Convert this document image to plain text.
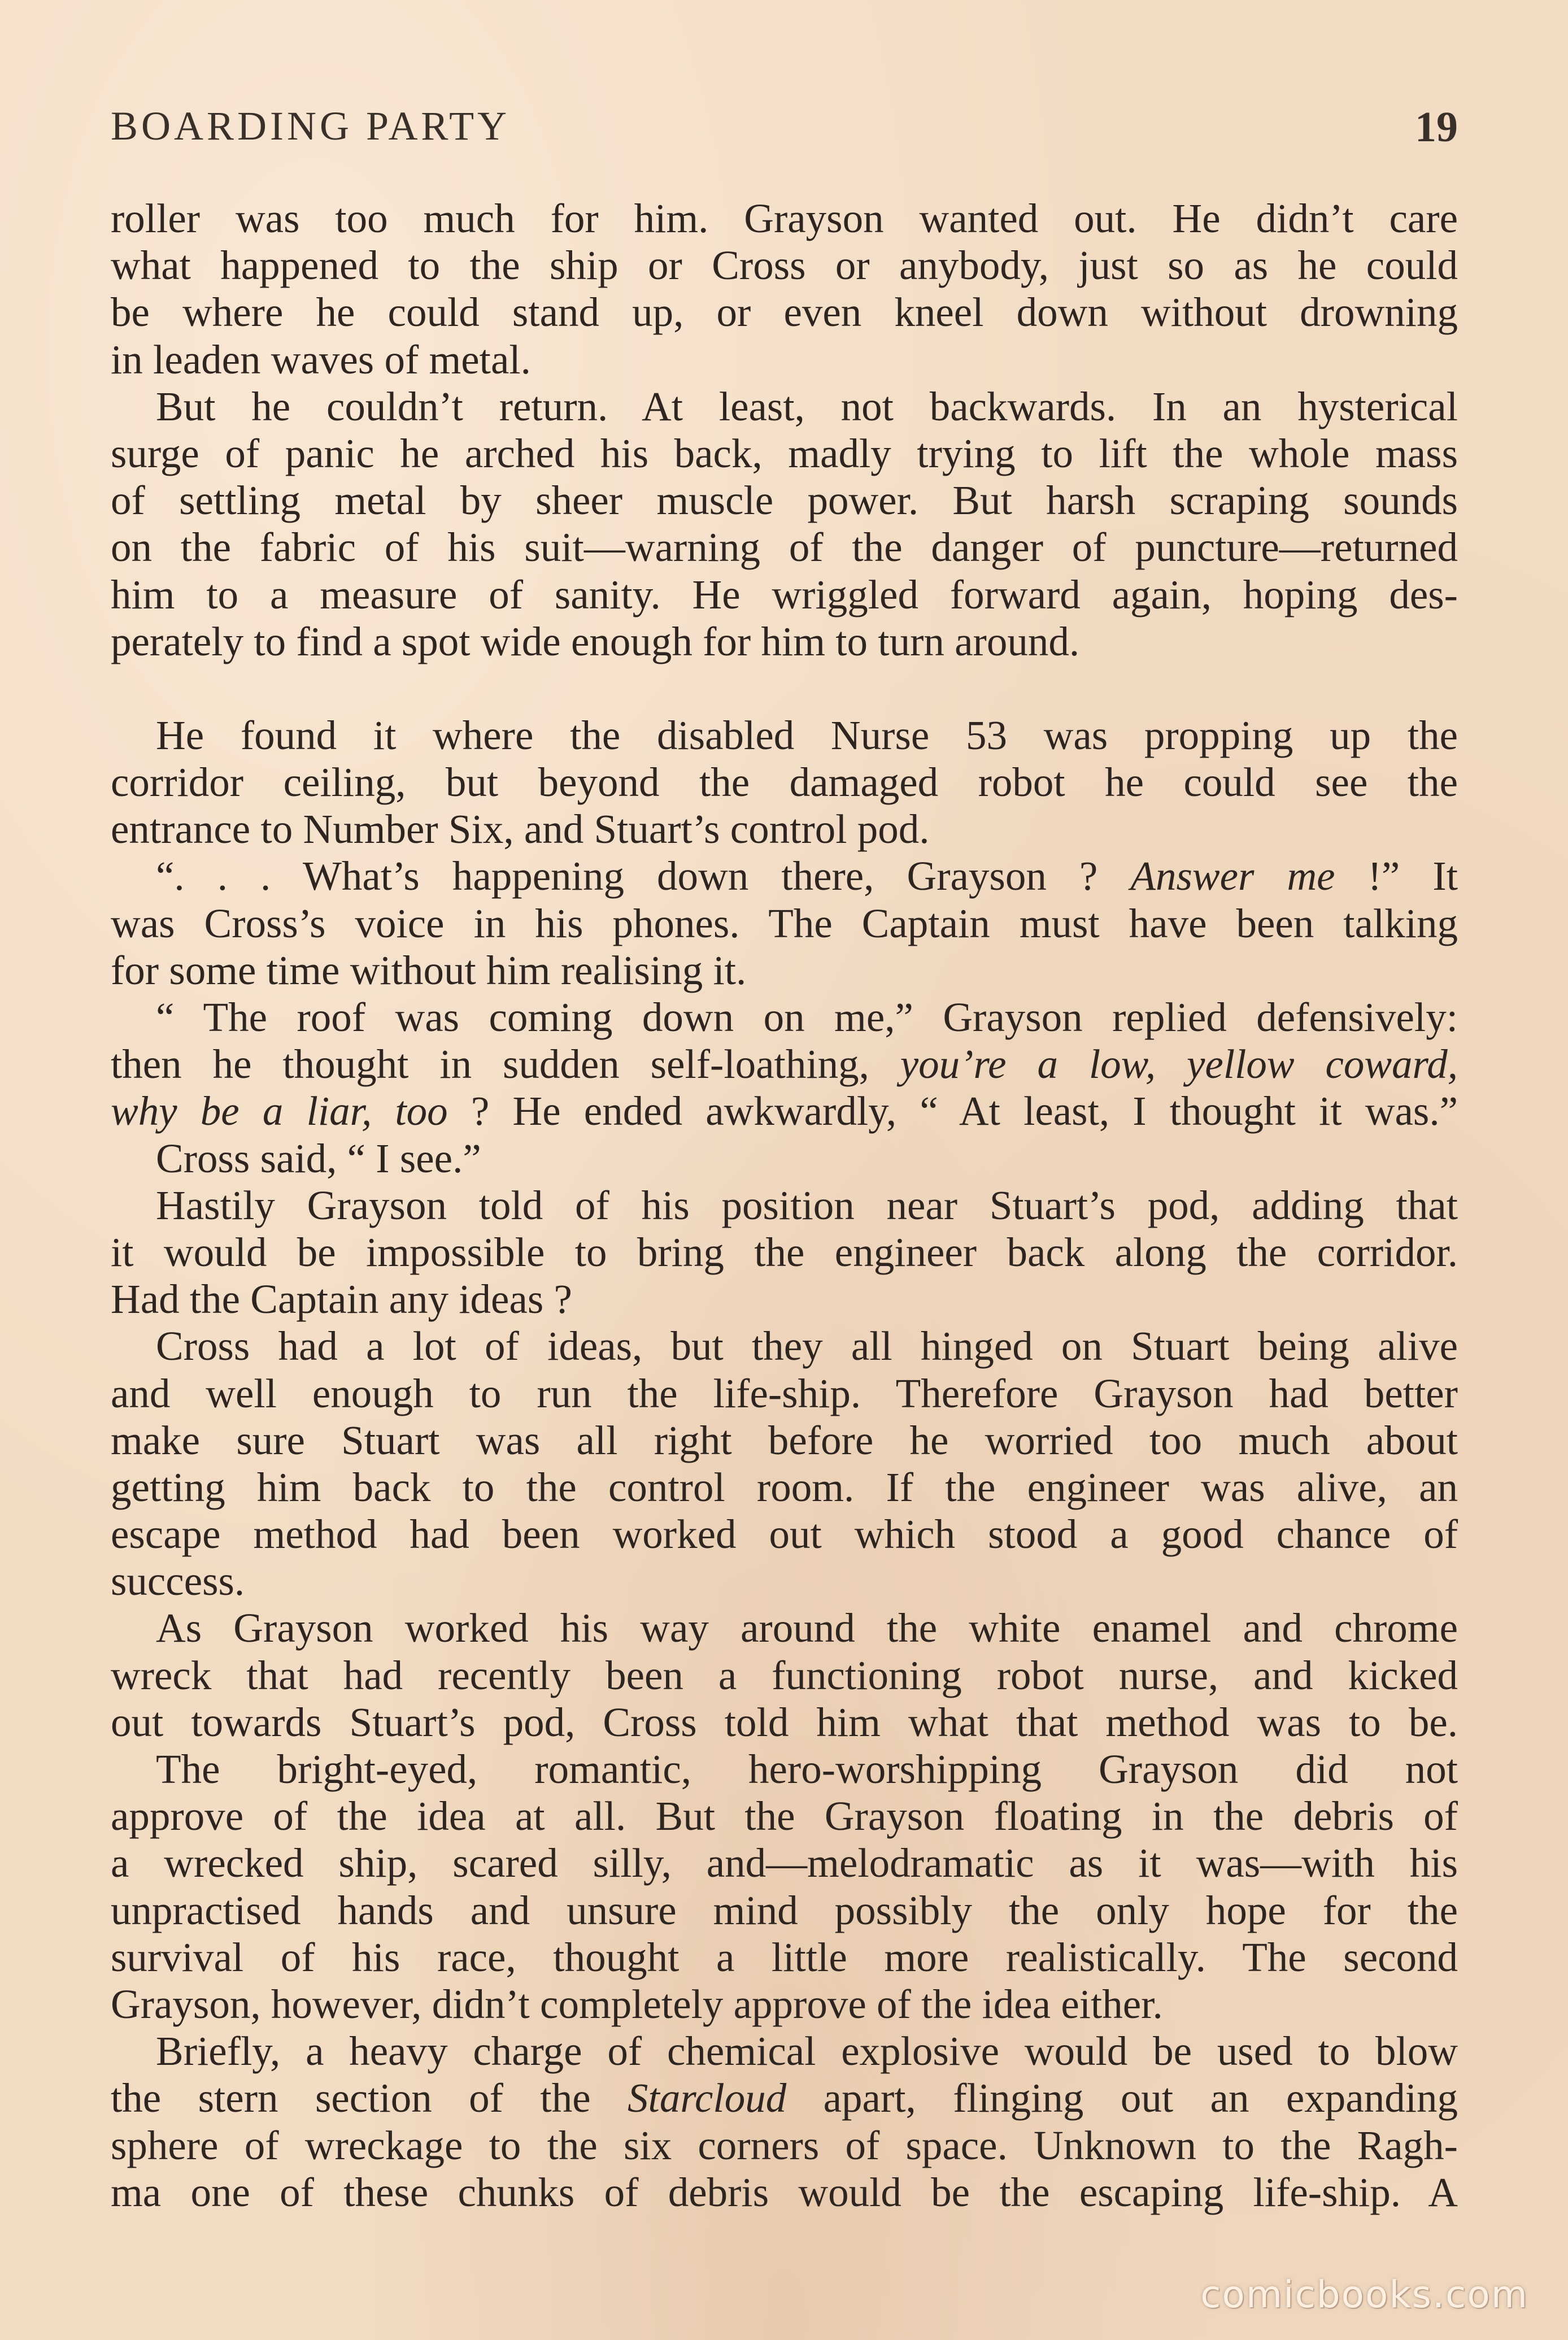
BOARDING PARTY	19
roller was too much for him. Grayson wanted out. He didn’t care
what happened to the ship or Cross or anybody, just so as he could
be where he could stand up, or even kneel down without drowning
in leaden waves of metal.
But he couldn’t return. At least, not backwards. In an hysterical
surge of panic he arched his back, madly trying to lift the whole mass
of settling metal by sheer muscle power. But harsh scraping sounds
on the fabric of his suit—warning of the danger of puncture—returned
him to a measure of sanity. He wriggled forward again, hoping des-
perately to find a spot wide enough for him to turn around.
He found it where the disabled Nurse 53 was propping up the
corridor ceiling, but beyond the damaged robot he could see the
entrance to Number Six, and Stuart’s control pod.
“. . . What’s happening down there, Grayson ? Answer me !” It
was Cross’s voice in his phones. The Captain must have been talking
for some time without him realising it.
“ The roof was coming down on me,” Grayson replied defensively:
then he thought in sudden self-loathing, you’re a low, yellow coward,
why be a liar, too ? He ended awkwardly, “ At least, I thought it was.”
Cross said, “ I see.”
Hastily Grayson told of his position near Stuart’s pod, adding that
it would be impossible to bring the engineer back along the corridor.
Had the Captain any ideas ?
Cross had a lot of ideas, but they all hinged on Stuart being alive
and well enough to run the life-ship. Therefore Grayson had better
make sure Stuart was all right before he worried too much about
getting him back to the control room. If the engineer was alive, an
escape method had been worked out which stood a good chance of
success.
As Grayson worked his way around the white enamel and chrome
wreck that had recently been a functioning robot nurse, and kicked
out towards Stuart’s pod, Cross told him what that method was to be.
The bright-eyed, romantic, hero-worshipping Grayson did not
approve of the idea at all. But the Grayson floating in the debris of
a wrecked ship, scared silly, and—melodramatic as it was—with his
unpractised hands and unsure mind possibly the only hope for the
survival of his race, thought a little more realistically. The second
Grayson, however, didn’t completely approve of the idea either.
Briefly, a heavy charge of chemical explosive would be used to blow
the stern section of the Starcloud apart, flinging out an expanding
sphere of wreckage to the six corners of space. Unknown to the Ragh-
ma one of these chunks of debris would be the escaping life-ship. A
comicbooks.com
